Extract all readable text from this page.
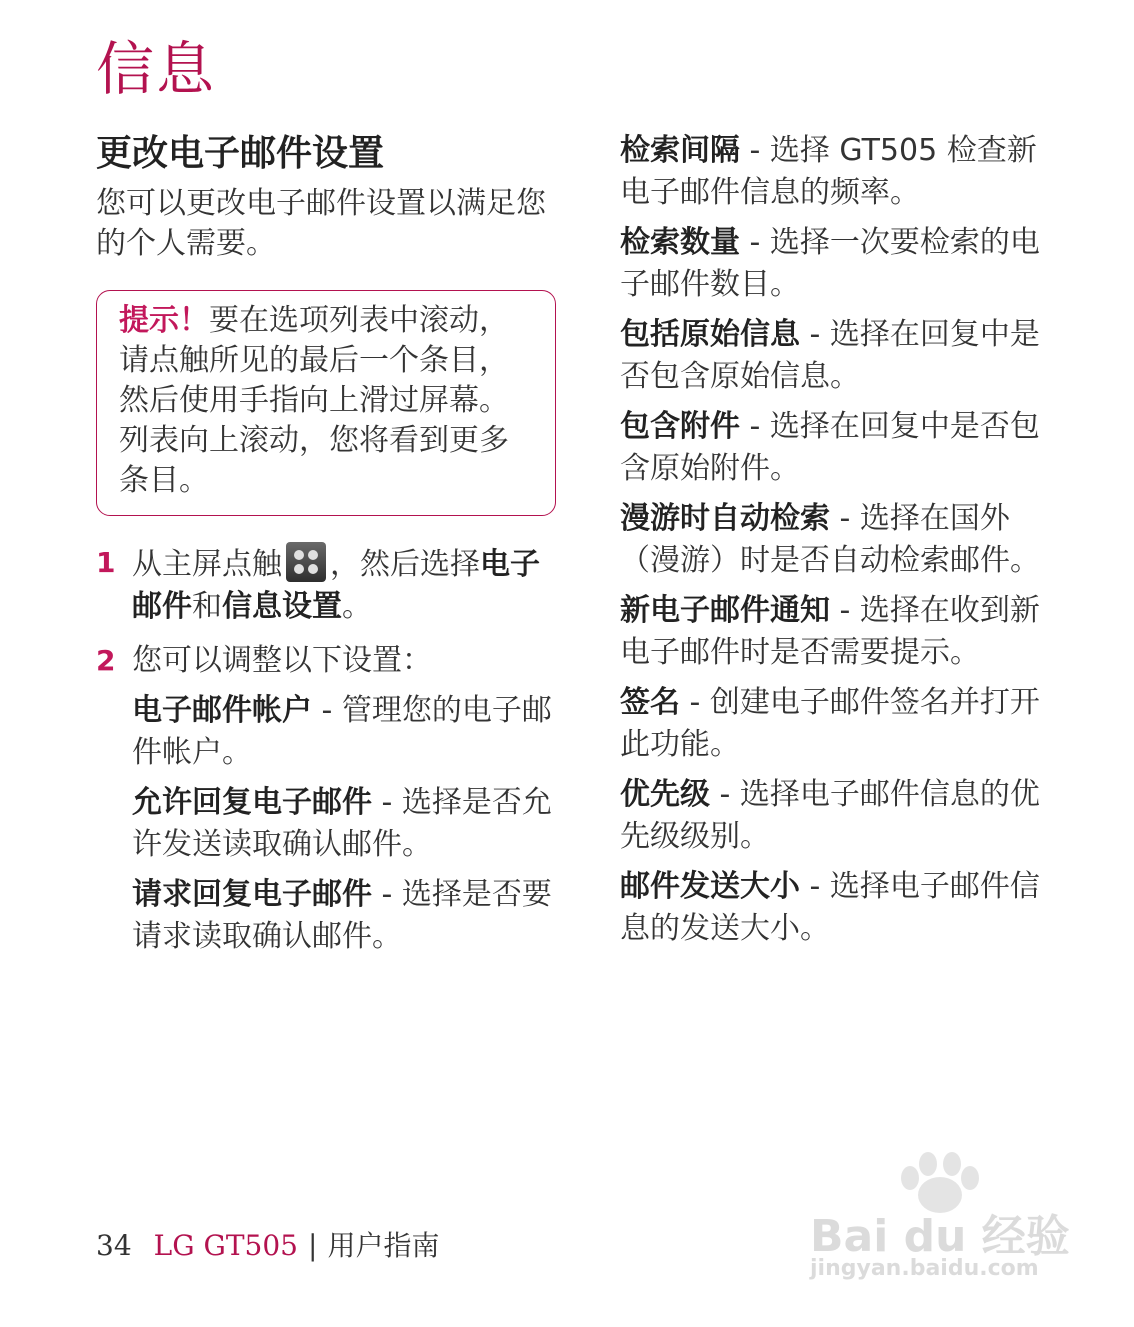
信息
更改电子邮件设置

您可以更改电子邮件设置以满足您的个人需要。

提示！要在选项列表中滚动，请点触所见的最后一个条目，然后使用手指向上滑过屏幕。列表向上滚动，您将看到更多条目。
1 从主屏点触 ，然后选择电子邮件和信息设置。
2 您可以调整以下设置：

电子邮件帐户 - 管理您的电子邮件帐户。

允许回复电子邮件 - 选择是否允许发送读取确认邮件。

请求回复电子邮件 - 选择是否要请求读取确认邮件。

检索间隔 - 选择 GT505 检查新电子邮件信息的频率。

检索数量 - 选择一次要检索的电子邮件数目。

包括原始信息 - 选择在回复中是否包含原始信息。

包含附件 - 选择在回复中是否包含原始附件。

漫游时自动检索 - 选择在国外（漫游）时是否自动检索邮件。

新电子邮件通知 - 选择在收到新电子邮件时是否需要提示。

签名 - 创建电子邮件签名并打开此功能。

优先级 - 选择电子邮件信息的优先级级别。

邮件发送大小 - 选择电子邮件信息的发送大小。

34 LG GT505 | 用户指南	Bai du 经验
jingyan.baidu.com
